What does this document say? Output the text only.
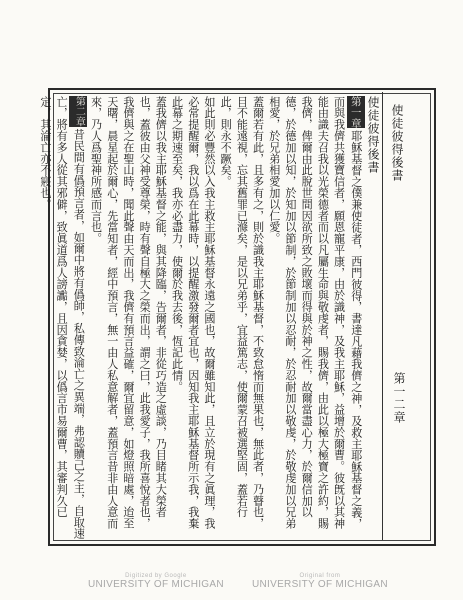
使徒彼得後書
第一二章

使徒彼得後書

第一章耶穌基督之僕兼使徒者，西門彼得，書達凡藉我儕之神，及救主耶穌基督之義，而與我儕共獲寶信者，願恩寵平康，由於識神，及我主耶穌，益增於爾曹。彼旣以其神能由識夫召我以光榮德者而以凡屬生命與敬虔者，賜我儕，由此以極大極寶之許約，賜我儕，俾爾由此脫世間因欲所致之敗壞而得與於神之性，故爾當盡心力，於爾信加以德，於德加以知，於知加以節制，於節制加以忍耐，於忍耐加以敬虔，於敬虔加以兄弟相愛，於兄弟相愛加以仁愛。

蓋爾若有此，且多有之，則於識我主耶穌基督，不致怠惰而無果也，無此者，乃瞽也，目不能遠視，忘其舊罪已滌矣，是以兄弟乎，宜益篤志，使爾蒙召被選堅固，蓋若行此，則永不蹶矣。

如此則必豐然以入我主救主耶穌基督永遠之國也，故爾雖知此，且立於現有之眞理，我必常提醒爾，我以爲在此幕時，以提醒激發爾者宜也，因知我主耶穌基督所示我，我棄此幕之期速至矣，我亦必盡力，使爾於我去後，恆記此情。

蓋我儕以我主耶穌基督之能，與其降臨，告爾者，非從巧造之虛談，乃目睹其大榮者也，蓋彼由父神受尊榮，時有聲自極大之榮而出，謂之曰，此我愛子，我所喜悅者也，我儕與之在聖山時，聞此聲由天而出，我儕有預言益確，爾宜留意，如燈照暗處，迨至天曙，晨星起於爾心，先當知者，經中預言，無一由人私意解者，蓋預言昔非由人意而來，乃人爲聖神所感而言也。

第二章昔民間有僞預言者，如爾中將有僞師，私傳致淪亡之異端，弗認贖己之主，自取速亡，將有多人從其邪僻，致眞道爲人謗讟，且因貪婪，以僞言市易爾曹，其審判久已定，其淪亡亦不寢也。

Digitized by Google
UNIVERSITY OF MICHIGAN
Original from
UNIVERSITY OF MICHIGAN
